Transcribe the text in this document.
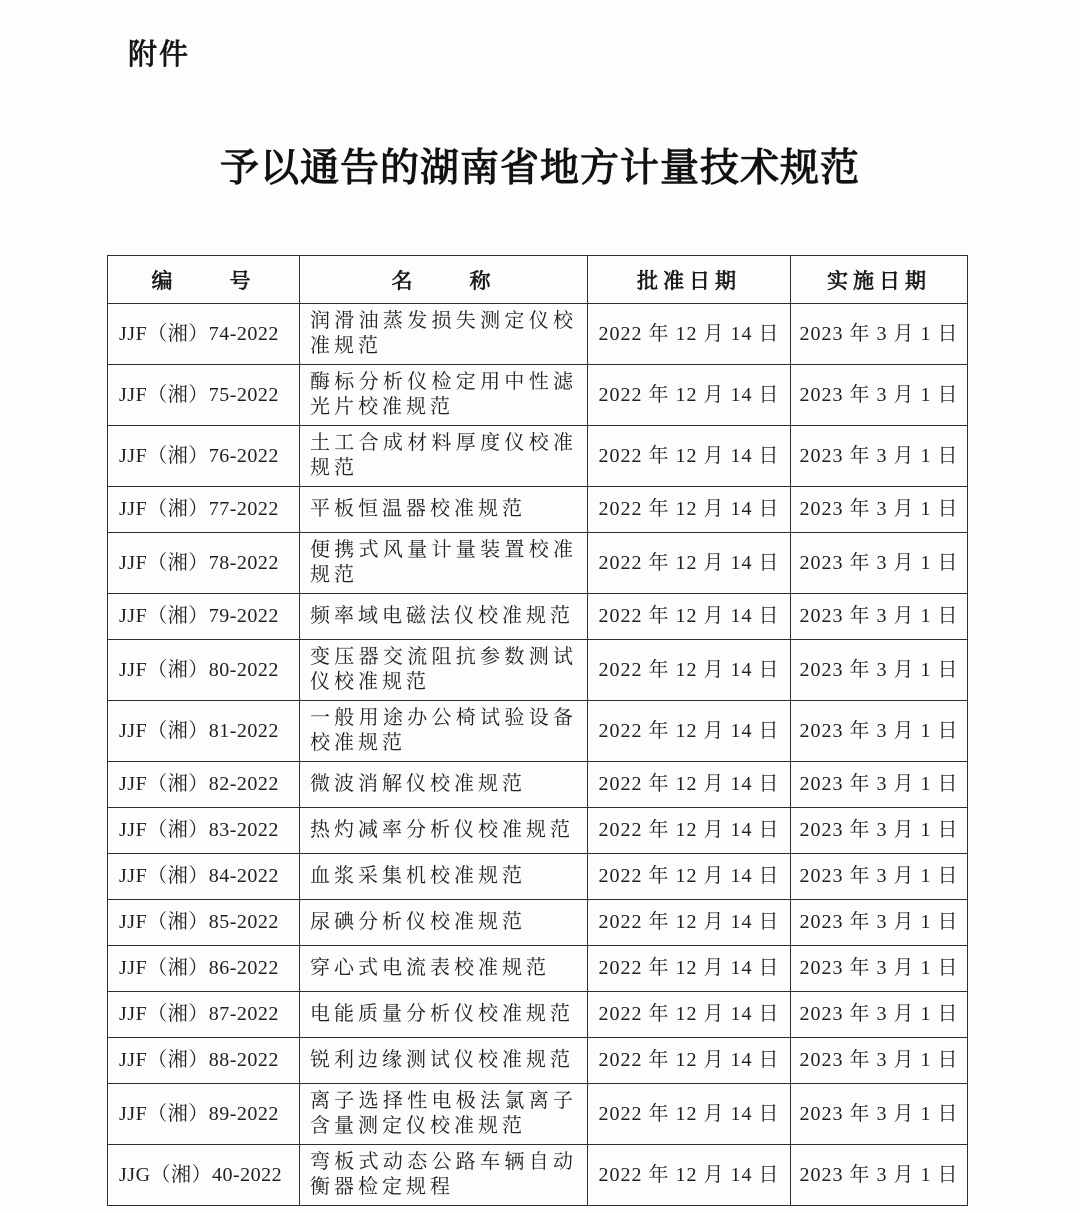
附件
予以通告的湖南省地方计量技术规范
编　　号	名　　称	批准日期	实施日期
JJF（湘）74-2022	润滑油蒸发损失测定仪校准规范	2022 年 12 月 14 日	2023 年 3 月 1 日
JJF（湘）75-2022	酶标分析仪检定用中性滤光片校准规范	2022 年 12 月 14 日	2023 年 3 月 1 日
JJF（湘）76-2022	土工合成材料厚度仪校准规范	2022 年 12 月 14 日	2023 年 3 月 1 日
JJF（湘）77-2022	平板恒温器校准规范	2022 年 12 月 14 日	2023 年 3 月 1 日
JJF（湘）78-2022	便携式风量计量装置校准规范	2022 年 12 月 14 日	2023 年 3 月 1 日
JJF（湘）79-2022	频率域电磁法仪校准规范	2022 年 12 月 14 日	2023 年 3 月 1 日
JJF（湘）80-2022	变压器交流阻抗参数测试仪校准规范	2022 年 12 月 14 日	2023 年 3 月 1 日
JJF（湘）81-2022	一般用途办公椅试验设备校准规范	2022 年 12 月 14 日	2023 年 3 月 1 日
JJF（湘）82-2022	微波消解仪校准规范	2022 年 12 月 14 日	2023 年 3 月 1 日
JJF（湘）83-2022	热灼减率分析仪校准规范	2022 年 12 月 14 日	2023 年 3 月 1 日
JJF（湘）84-2022	血浆采集机校准规范	2022 年 12 月 14 日	2023 年 3 月 1 日
JJF（湘）85-2022	尿碘分析仪校准规范	2022 年 12 月 14 日	2023 年 3 月 1 日
JJF（湘）86-2022	穿心式电流表校准规范	2022 年 12 月 14 日	2023 年 3 月 1 日
JJF（湘）87-2022	电能质量分析仪校准规范	2022 年 12 月 14 日	2023 年 3 月 1 日
JJF（湘）88-2022	锐利边缘测试仪校准规范	2022 年 12 月 14 日	2023 年 3 月 1 日
JJF（湘）89-2022	离子选择性电极法氯离子含量测定仪校准规范	2022 年 12 月 14 日	2023 年 3 月 1 日
JJG（湘）40-2022	弯板式动态公路车辆自动衡器检定规程	2022 年 12 月 14 日	2023 年 3 月 1 日
